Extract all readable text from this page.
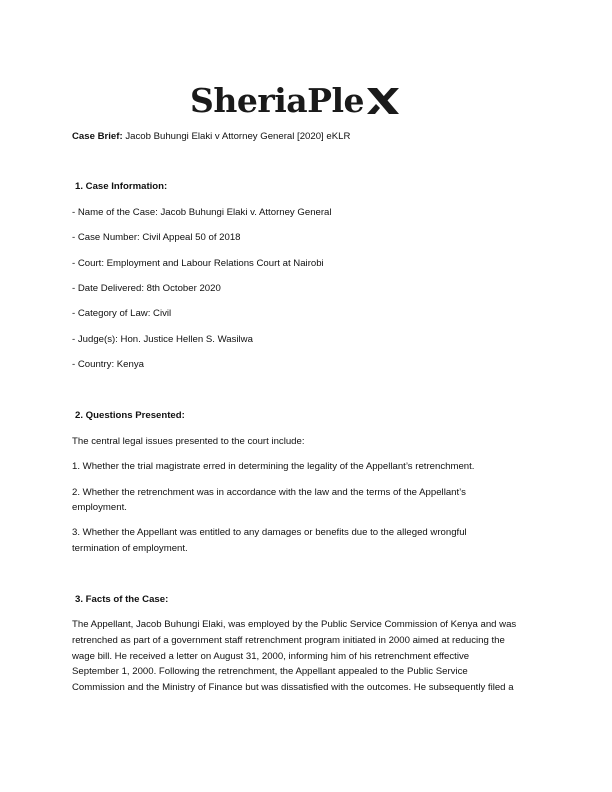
SheriaPle
Case Brief: Jacob Buhungi Elaki v Attorney General [2020] eKLR
1. Case Information:
- Name of the Case: Jacob Buhungi Elaki v. Attorney General
- Case Number: Civil Appeal 50 of 2018
- Court: Employment and Labour Relations Court at Nairobi
- Date Delivered: 8th October 2020
- Category of Law: Civil
- Judge(s): Hon. Justice Hellen S. Wasilwa
- Country: Kenya
2. Questions Presented:
The central legal issues presented to the court include:
1. Whether the trial magistrate erred in determining the legality of the Appellant’s retrenchment.
2. Whether the retrenchment was in accordance with the law and the terms of the Appellant’s
employment.
3. Whether the Appellant was entitled to any damages or benefits due to the alleged wrongful
termination of employment.
3. Facts of the Case:
The Appellant, Jacob Buhungi Elaki, was employed by the Public Service Commission of Kenya and was
retrenched as part of a government staff retrenchment program initiated in 2000 aimed at reducing the
wage bill. He received a letter on August 31, 2000, informing him of his retrenchment effective
September 1, 2000. Following the retrenchment, the Appellant appealed to the Public Service
Commission and the Ministry of Finance but was dissatisfied with the outcomes. He subsequently filed a
